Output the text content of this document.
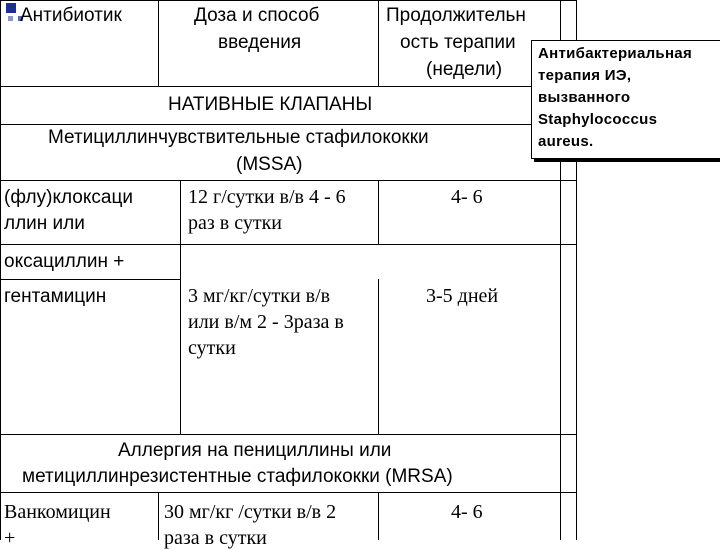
Антибиотик	Доза и способ
введения
Продолжительн
ость терапии
(недели)
НАТИВНЫЕ КЛАПАНЫ
Метициллинчувствительные стафилококки
(MSSA)
(флу)клоксаци
ллин или
12 г/сутки в/в 4 - 6
раз в сутки
4- 6
оксациллин +
гентамицин	3 мг/кг/сутки в/в
или в/м 2 - 3раза в
сутки
3-5 дней
Аллергия на пенициллины или
метициллинрезистентные стафилококки (MRSA)
Ванкомицин
+
30 мг/кг /сутки в/в 2
раза в сутки
4- 6
Антибактериальная
терапия ИЭ,
вызванного
Staphylococcus
aureus.
